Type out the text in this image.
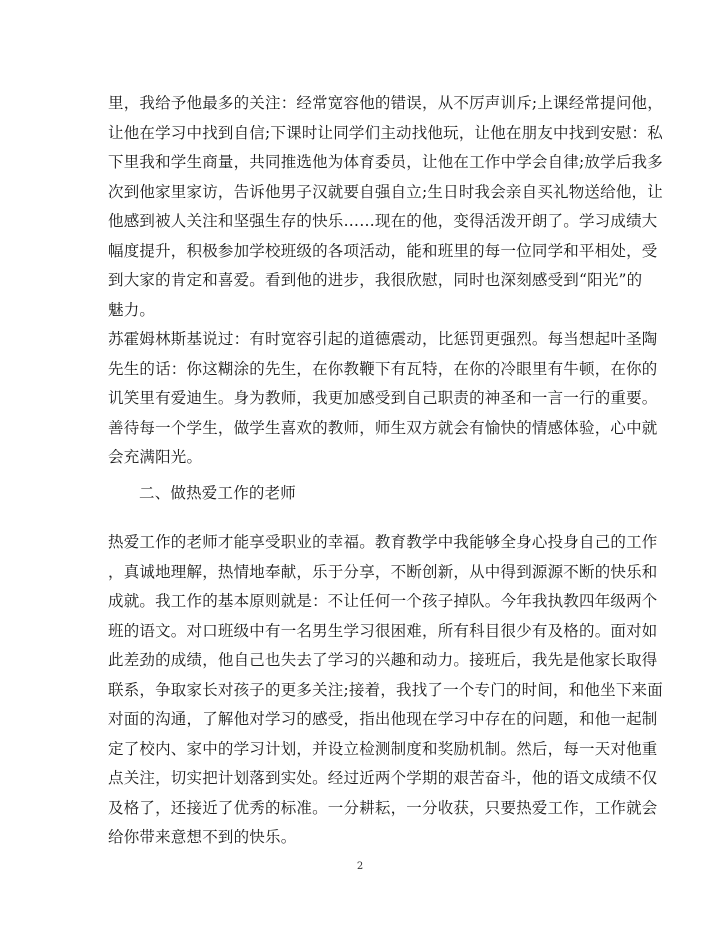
里，我给予他最多的关注：经常宽容他的错误，从不厉声训斥;上课经常提问他，
让他在学习中找到自信;下课时让同学们主动找他玩，让他在朋友中找到安慰：私
下里我和学生商量，共同推选他为体育委员，让他在工作中学会自律;放学后我多
次到他家里家访，告诉他男子汉就要自强自立;生日时我会亲自买礼物送给他，让
他感到被人关注和坚强生存的快乐……现在的他，变得活泼开朗了。学习成绩大
幅度提升，积极参加学校班级的各项活动，能和班里的每一位同学和平相处，受
到大家的肯定和喜爱。看到他的进步，我很欣慰，同时也深刻感受到“阳光”的
魅力。

苏霍姆林斯基说过：有时宽容引起的道德震动，比惩罚更强烈。每当想起叶圣陶
先生的话：你这糊涂的先生，在你教鞭下有瓦特，在你的冷眼里有牛顿，在你的
讥笑里有爱迪生。身为教师，我更加感受到自己职责的神圣和一言一行的重要。
善待每一个学生，做学生喜欢的教师，师生双方就会有愉快的情感体验，心中就
会充满阳光。

二、做热爱工作的老师

热爱工作的老师才能享受职业的幸福。教育教学中我能够全身心投身自己的工作
，真诚地理解，热情地奉献，乐于分享，不断创新，从中得到源源不断的快乐和
成就。我工作的基本原则就是：不让任何一个孩子掉队。今年我执教四年级两个
班的语文。对口班级中有一名男生学习很困难，所有科目很少有及格的。面对如
此差劲的成绩，他自己也失去了学习的兴趣和动力。接班后，我先是他家长取得
联系，争取家长对孩子的更多关注;接着，我找了一个专门的时间，和他坐下来面
对面的沟通，了解他对学习的感受，指出他现在学习中存在的问题，和他一起制
定了校内、家中的学习计划，并设立检测制度和奖励机制。然后，每一天对他重
点关注，切实把计划落到实处。经过近两个学期的艰苦奋斗，他的语文成绩不仅
及格了，还接近了优秀的标准。一分耕耘，一分收获，只要热爱工作，工作就会
给你带来意想不到的快乐。

2
